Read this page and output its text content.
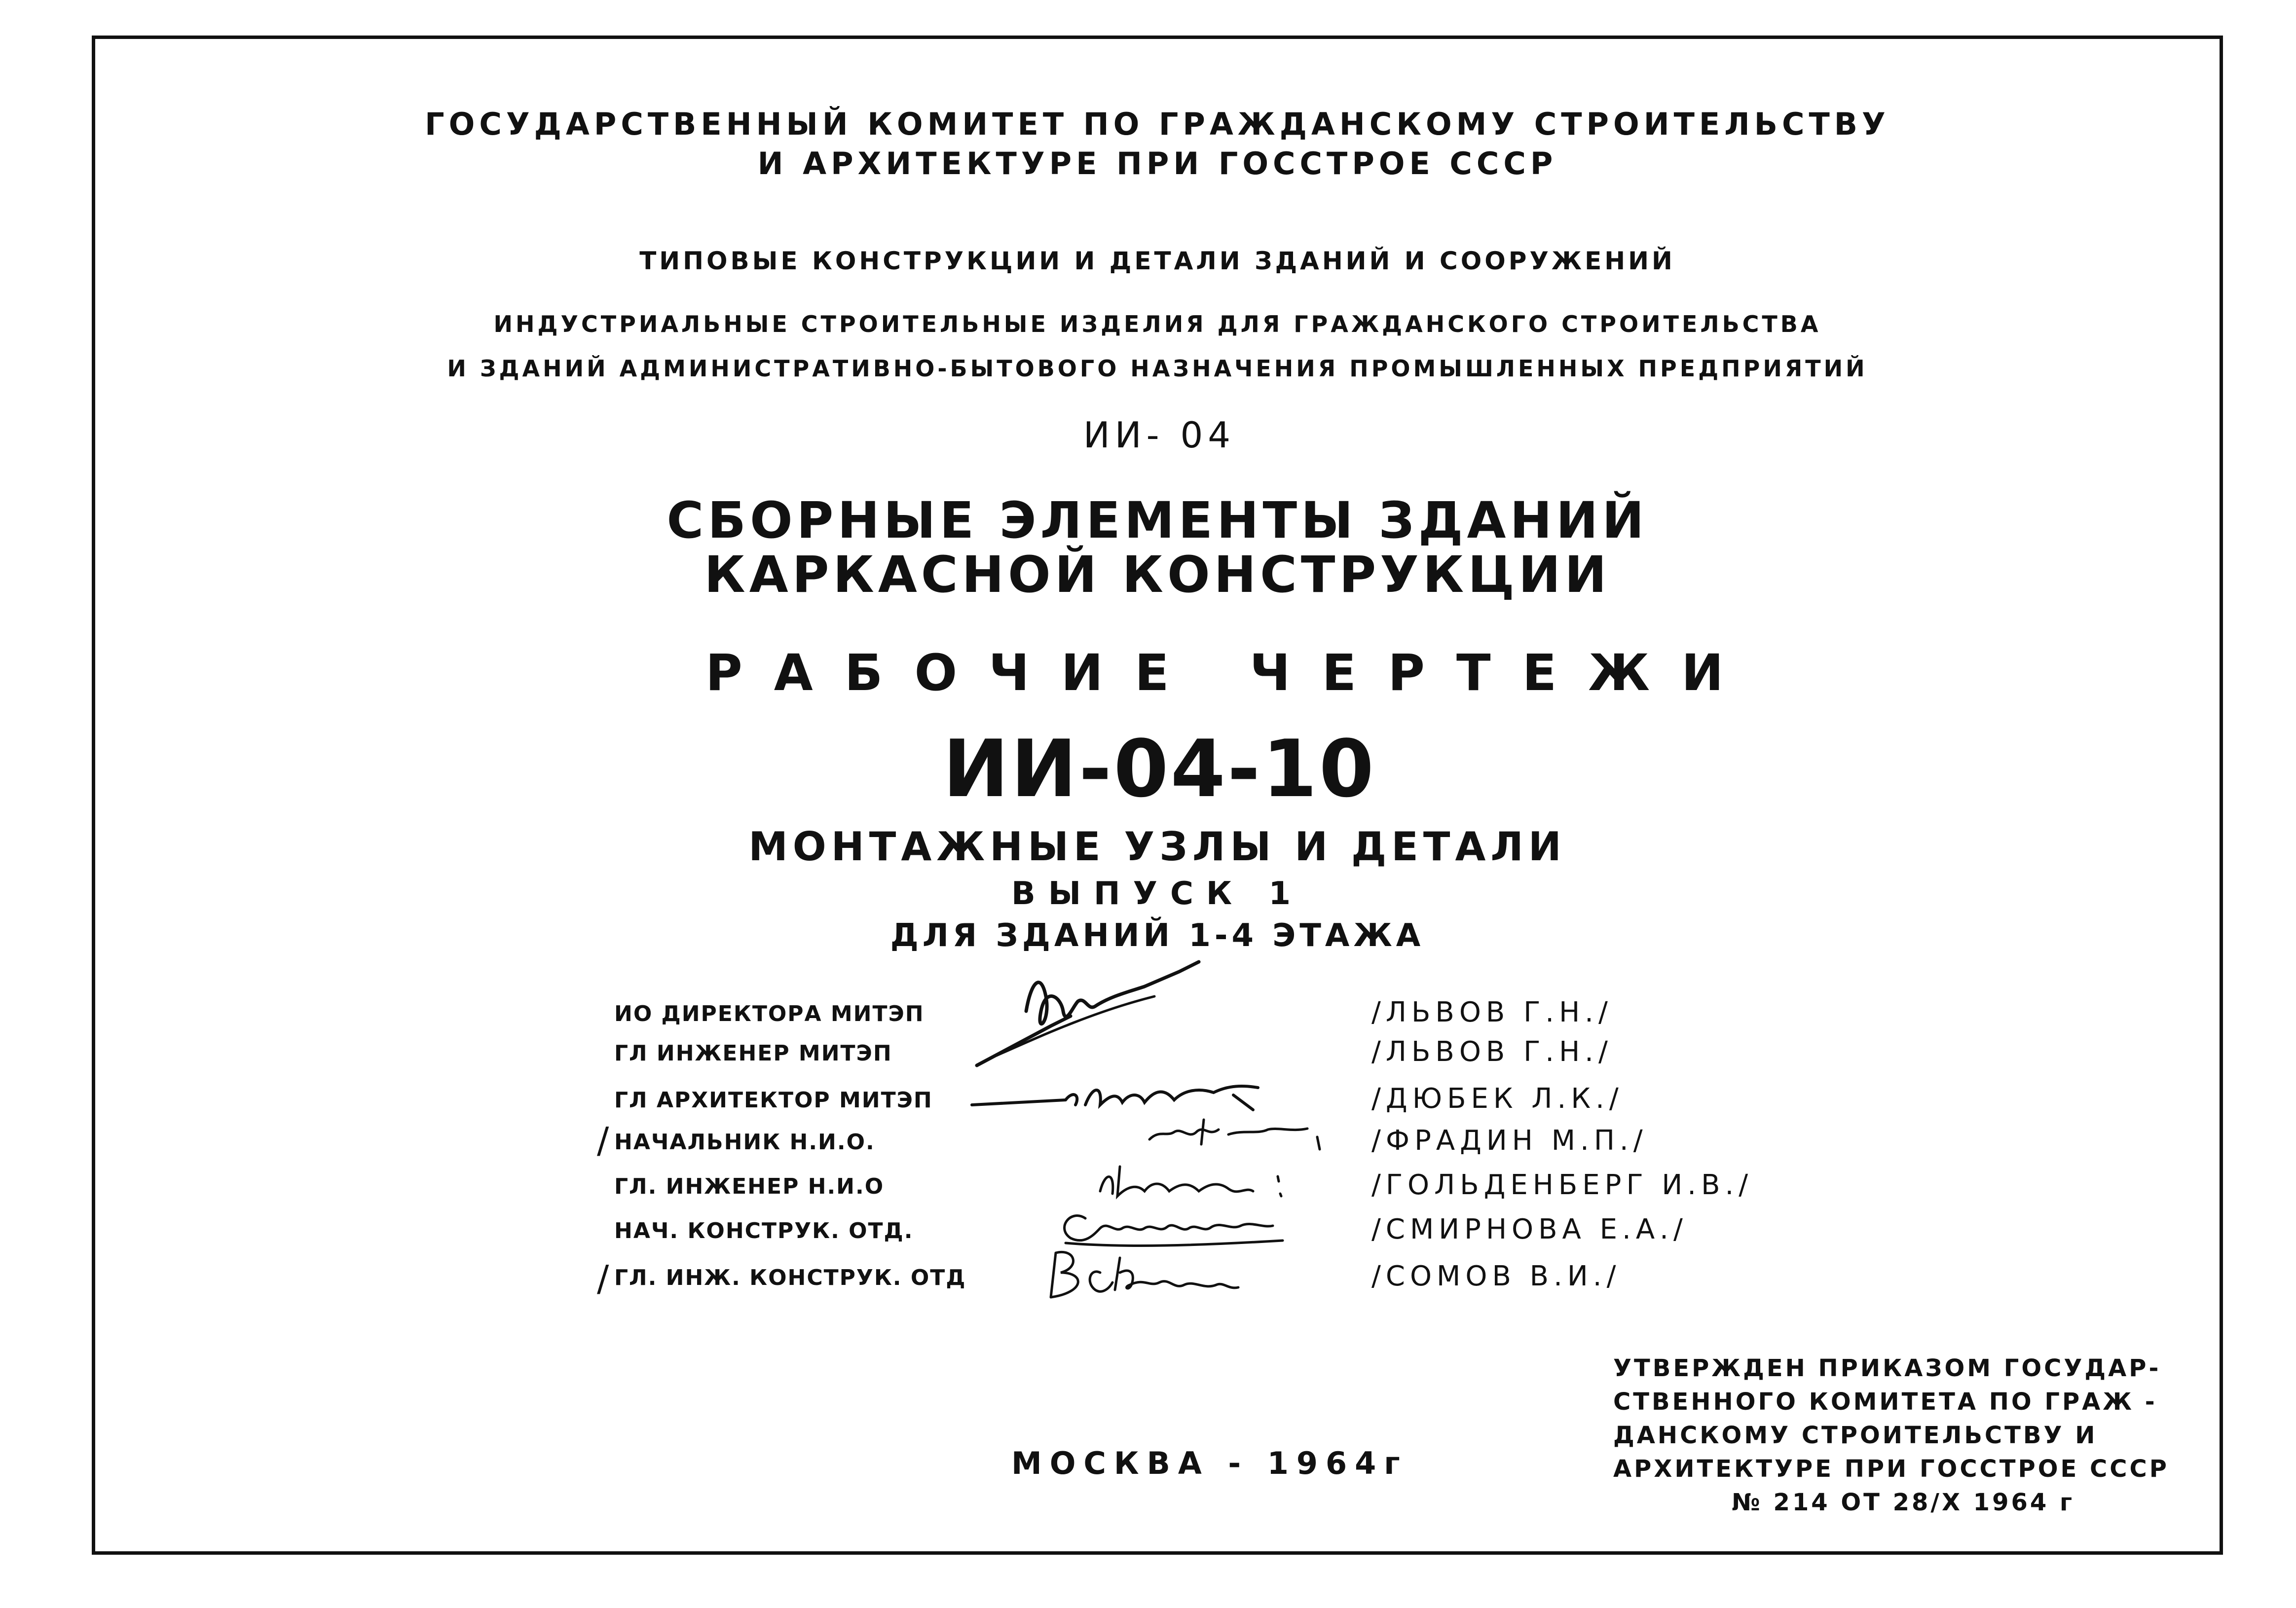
ГОСУДАРСТВЕННЫЙ КОМИТЕТ ПО ГРАЖДАНСКОМУ СТРОИТЕЛЬСТВУ
И АРХИТЕКТУРЕ ПРИ ГОССТРОЕ СССР
ТИПОВЫЕ КОНСТРУКЦИИ И ДЕТАЛИ ЗДАНИЙ И СООРУЖЕНИЙ
ИНДУСТРИАЛЬНЫЕ СТРОИТЕЛЬНЫЕ ИЗДЕЛИЯ ДЛЯ ГРАЖДАНСКОГО СТРОИТЕЛЬСТВА
И ЗДАНИЙ АДМИНИСТРАТИВНО-БЫТОВОГО НАЗНАЧЕНИЯ ПРОМЫШЛЕННЫХ ПРЕДПРИЯТИЙ
ИИ- 04
СБОРНЫЕ ЭЛЕМЕНТЫ ЗДАНИЙ
КАРКАСНОЙ КОНСТРУКЦИИ
РАБОЧИЕ ЧЕРТЕЖИ
ИИ-04-10
МОНТАЖНЫЕ УЗЛЫ И ДЕТАЛИ
ВЫПУСК 1
ДЛЯ ЗДАНИЙ 1-4 ЭТАЖА
ИО ДИРЕКТОРА МИТЭП	/ЛЬВОВ Г.Н./
ГЛ ИНЖЕНЕР МИТЭП	/ЛЬВОВ Г.Н./
ГЛ АРХИТЕКТОР МИТЭП	/ДЮБЕК Л.К./
/ НАЧАЛЬНИК Н.И.О.	/ФРАДИН М.П./
ГЛ. ИНЖЕНЕР Н.И.О	/ГОЛЬДЕНБЕРГ И.В./
НАЧ. КОНСТРУК. ОТД.	/СМИРНОВА Е.А./
/ ГЛ. ИНЖ. КОНСТРУК. ОТД	/СОМОВ В.И./
МОСКВА - 1964г
УТВЕРЖДЕН ПРИКАЗОМ ГОСУДАР-
СТВЕННОГО КОМИТЕТА ПО ГРАЖ -
ДАНСКОМУ СТРОИТЕЛЬСТВУ И
АРХИТЕКТУРЕ ПРИ ГОССТРОЕ СССР
№ 214 ОТ 28/X 1964 г
